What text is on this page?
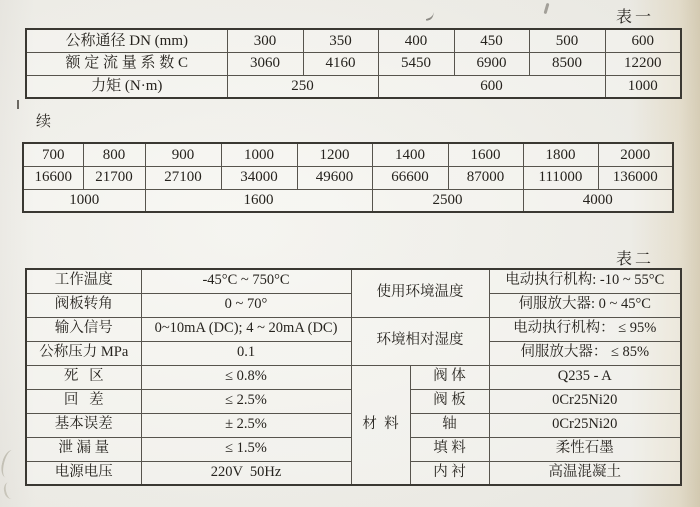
表一
公称通径 DN (mm)	300	350	400	450	500	600
额 定 流 量 系 数 C	3060	4160	5450	6900	8500	12200
力矩 (N·m)	250		600			1000
续
700	800	900	1000	1200	1400	1600	1800	2000
16600	21700	27100	34000	49600	66600	87000	111000	136000
1000		1600			2500		4000	
表二
工作温度	-45°C ~ 750°C	使用环境温度		电动执行机构: -10 ~ 55°C
阀板转角	0 ~ 70°			伺服放大器: 0 ~ 45°C
输入信号	0~10mA (DC); 4 ~ 20mA (DC)	环境相对湿度		电动执行机构： ≤ 95%
公称压力 MPa	0.1			伺服放大器： ≤ 85%
死   区	≤ 0.8%	材  料	阀 体	Q235 - A
回   差	≤ 2.5%		阀 板	0Cr25Ni20
基本误差	± 2.5%		轴	0Cr25Ni20
泄 漏 量	≤ 1.5%		填 料	柔性石墨
电源电压	220V  50Hz		内 衬	高温混凝土
